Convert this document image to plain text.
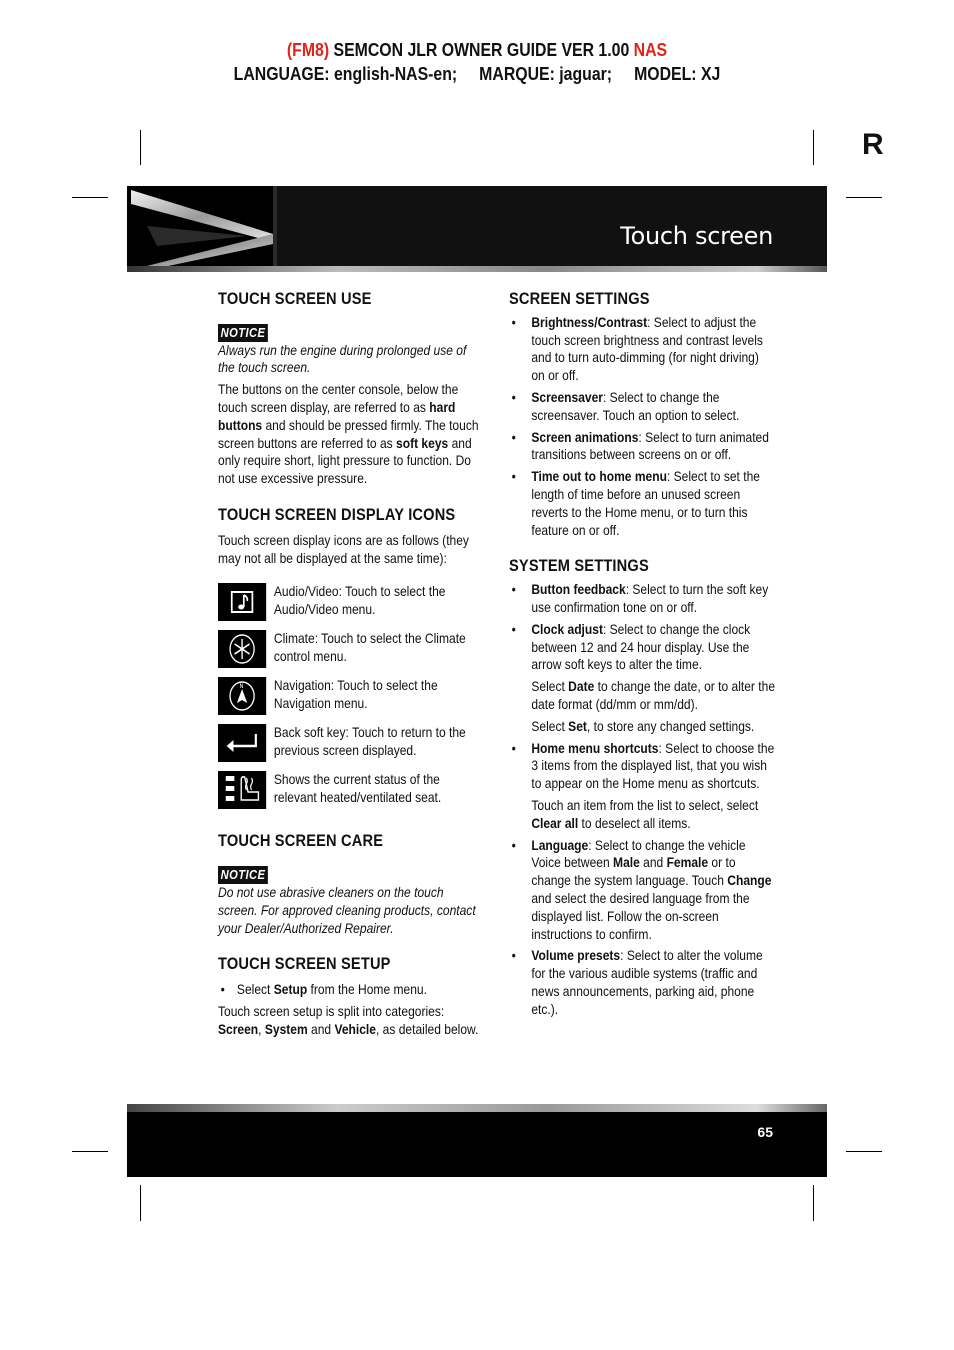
(FM8) SEMCON JLR OWNER GUIDE VER 1.00 NAS
LANGUAGE: english-NAS-en;     MARQUE: jaguar;     MODEL: XJ
R
Touch screen
TOUCH SCREEN USE
NOTICE
Always run the engine during prolonged use of the touch screen.

The buttons on the center console, below the touch screen display, are referred to as hard buttons and should be pressed firmly. The touch screen buttons are referred to as soft keys and only require short, light pressure to function. Do not use excessive pressure.

TOUCH SCREEN DISPLAY ICONS

Touch screen display icons are as follows (they may not all be displayed at the same time):

Audio/Video: Touch to select the Audio/Video menu.
Climate: Touch to select the Climate control menu.
N Navigation: Touch to select the Navigation menu.
Back soft key: Touch to return to the previous screen displayed.
Shows the current status of the relevant heated/ventilated seat.
TOUCH SCREEN CARE
NOTICE
Do not use abrasive cleaners on the touch screen. For approved cleaning products, contact your Dealer/Authorized Repairer.
TOUCH SCREEN SETUP
• Select Setup from the Home menu.

Touch screen setup is split into categories: Screen, System and Vehicle, as detailed below.

SCREEN SETTINGS
• Brightness/Contrast: Select to adjust the touch screen brightness and contrast levels and to turn auto-dimming (for night driving) on or off.
• Screensaver: Select to change the screensaver. Touch an option to select.
• Screen animations: Select to turn animated transitions between screens on or off.
• Time out to home menu: Select to set the length of time before an unused screen reverts to the Home menu, or to turn this feature on or off.
SYSTEM SETTINGS
• Button feedback: Select to turn the soft key use confirmation tone on or off.

• Clock adjust: Select to change the clock between 12 and 24 hour display. Use the arrow soft keys to alter the time.

Select Date to change the date, or to alter the date format (dd/mm or mm/dd).

Select Set, to store any changed settings.

• Home menu shortcuts: Select to choose the 3 items from the displayed list, that you wish to appear on the Home menu as shortcuts.

Touch an item from the list to select, select Clear all to deselect all items.

• Language: Select to change the vehicle Voice between Male and Female or to change the system language. Touch Change and select the desired language from the displayed list. Follow the on-screen instructions to confirm.
• Volume presets: Select to alter the volume for the various audible systems (traffic and news announcements, parking aid, phone etc.).
65
